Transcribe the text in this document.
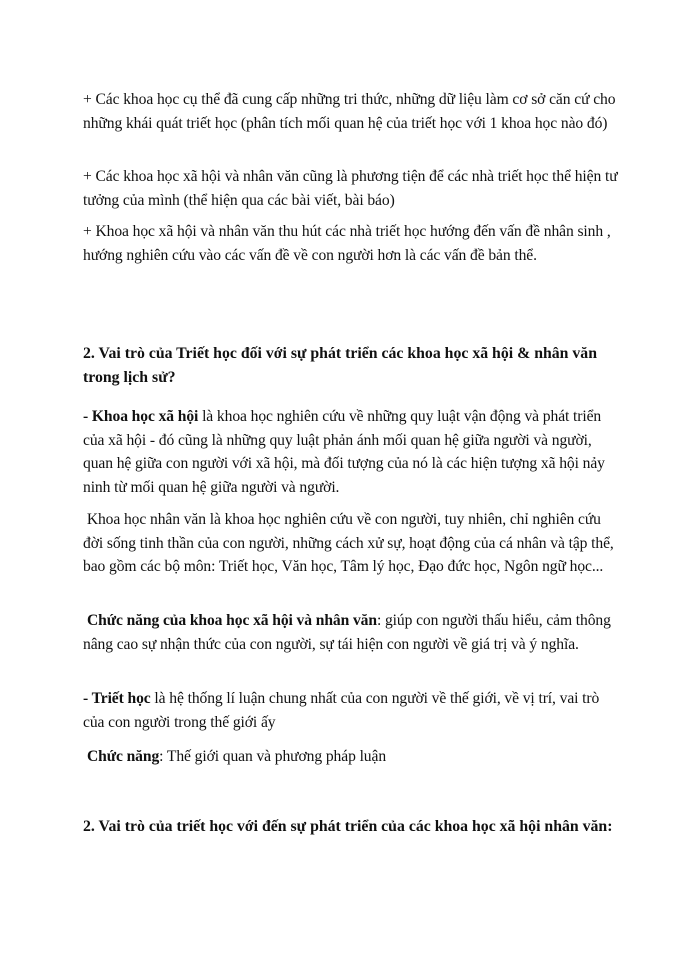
+ Các khoa học cụ thể đã cung cấp những tri thức, những dữ liệu làm cơ sở căn cứ cho những khái quát triết học (phân tích mối quan hệ của triết học với 1 khoa học nào đó)

+ Các khoa học xã hội và nhân văn cũng là phương tiện để các nhà triết học thể hiện tư tưởng của mình (thể hiện qua các bài viết, bài báo)

+ Khoa học xã hội và nhân văn thu hút các nhà triết học hướng đến vấn đề nhân sinh , hướng nghiên cứu vào các vấn đề về con người hơn là các vấn đề bản thể.

2. Vai trò của Triết học đối với sự phát triển các khoa học xã hội & nhân văn trong lịch sử?

- Khoa học xã hội là khoa học nghiên cứu về những quy luật vận động và phát triển của xã hội - đó cũng là những quy luật phản ánh mối quan hệ giữa người và người, quan hệ giữa con người với xã hội, mà đối tượng của nó là các hiện tượng xã hội nảy ninh từ mối quan hệ giữa người và người.

Khoa học nhân văn là khoa học nghiên cứu về con người, tuy nhiên, chỉ nghiên cứu đời sống tinh thần của con người, những cách xử sự, hoạt động của cá nhân và tập thể, bao gồm các bộ môn: Triết học, Văn học, Tâm lý học, Đạo đức học, Ngôn ngữ học...

Chức năng của khoa học xã hội và nhân văn: giúp con người thấu hiểu, cảm thông nâng cao sự nhận thức của con người, sự tái hiện con người về giá trị và ý nghĩa.

- Triết học là hệ thống lí luận chung nhất của con người về thế giới, về vị trí, vai trò của con người trong thế giới ấy

Chức năng: Thế giới quan và phương pháp luận

2. Vai trò của triết học với đến sự phát triển của các khoa học xã hội nhân văn:
